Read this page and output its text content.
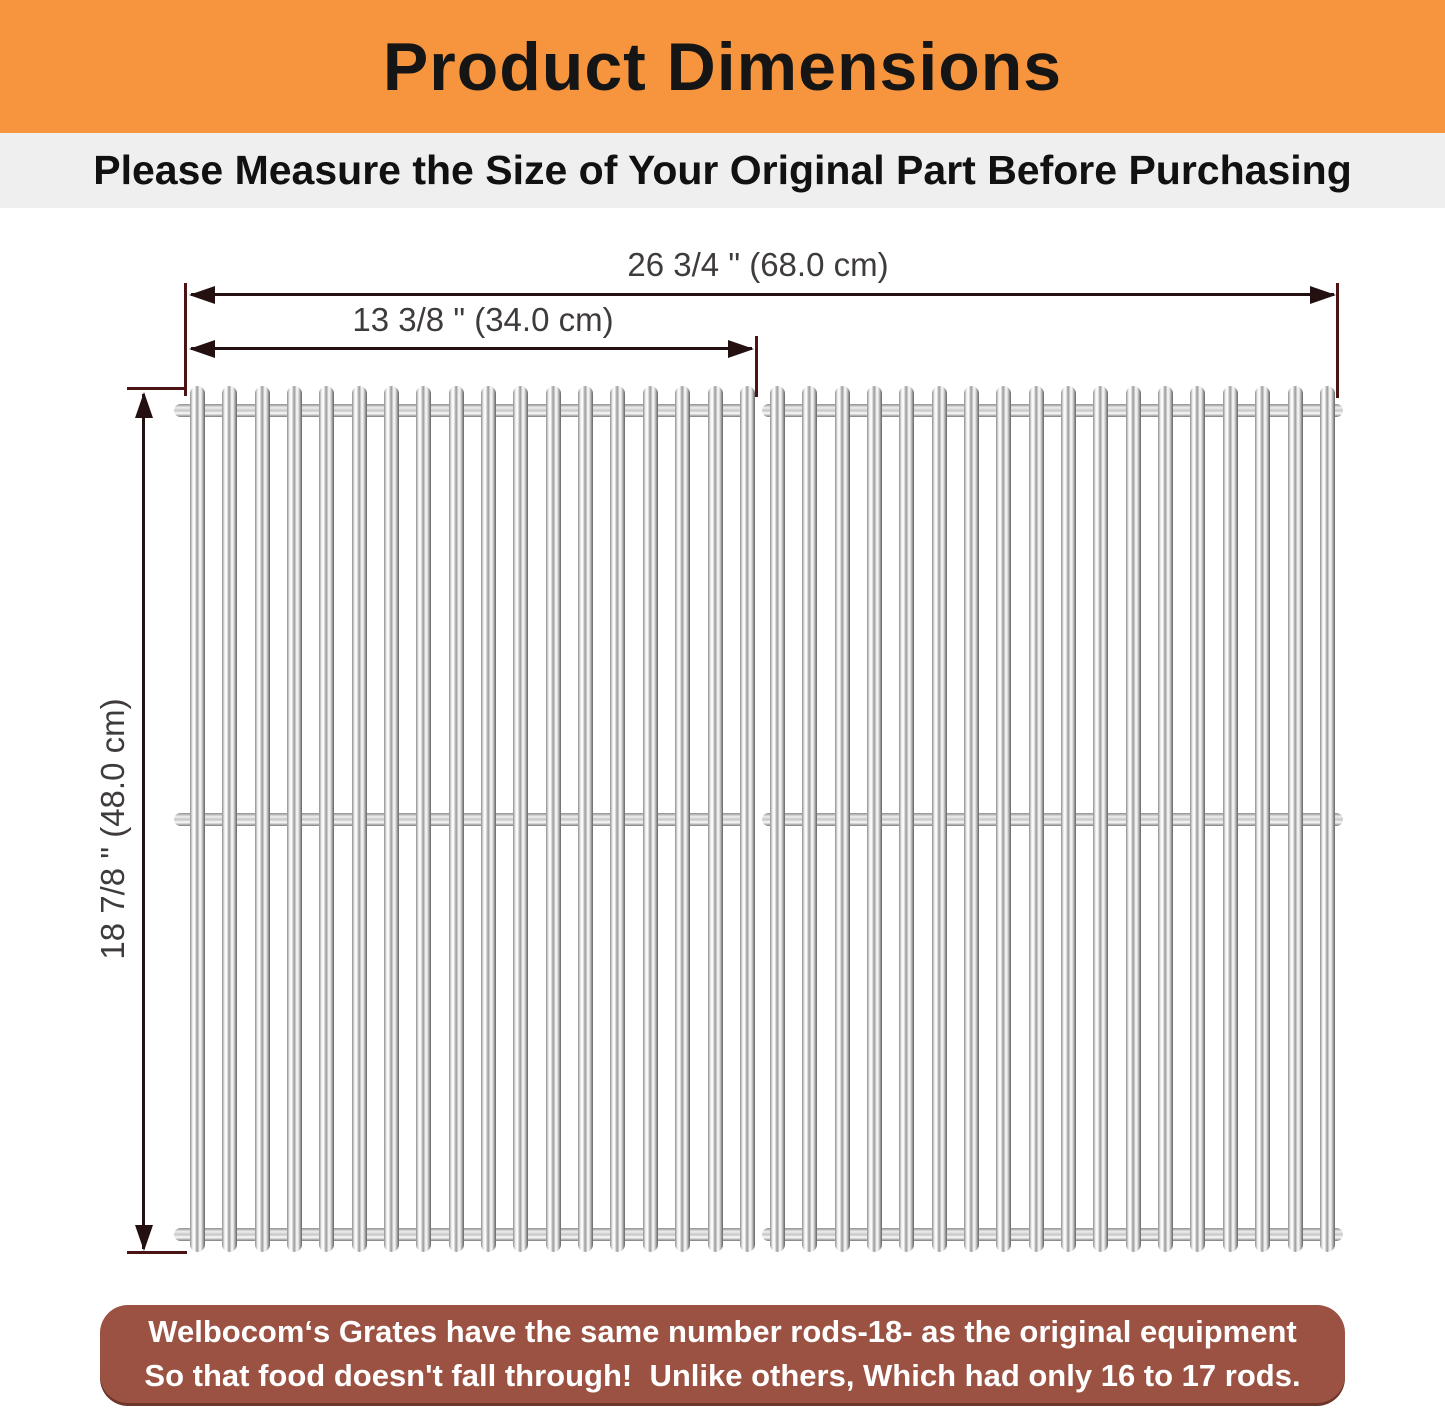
Product Dimensions
Please Measure the Size of Your Original Part Before Purchasing
26 3/4 " (68.0 cm)
13 3/8 " (34.0 cm)
18 7/8 " (48.0 cm)
Welbocom‘s Grates have the same number rods-18- as the original equipment
So that food doesn't fall through!  Unlike others, Which had only 16 to 17 rods.
